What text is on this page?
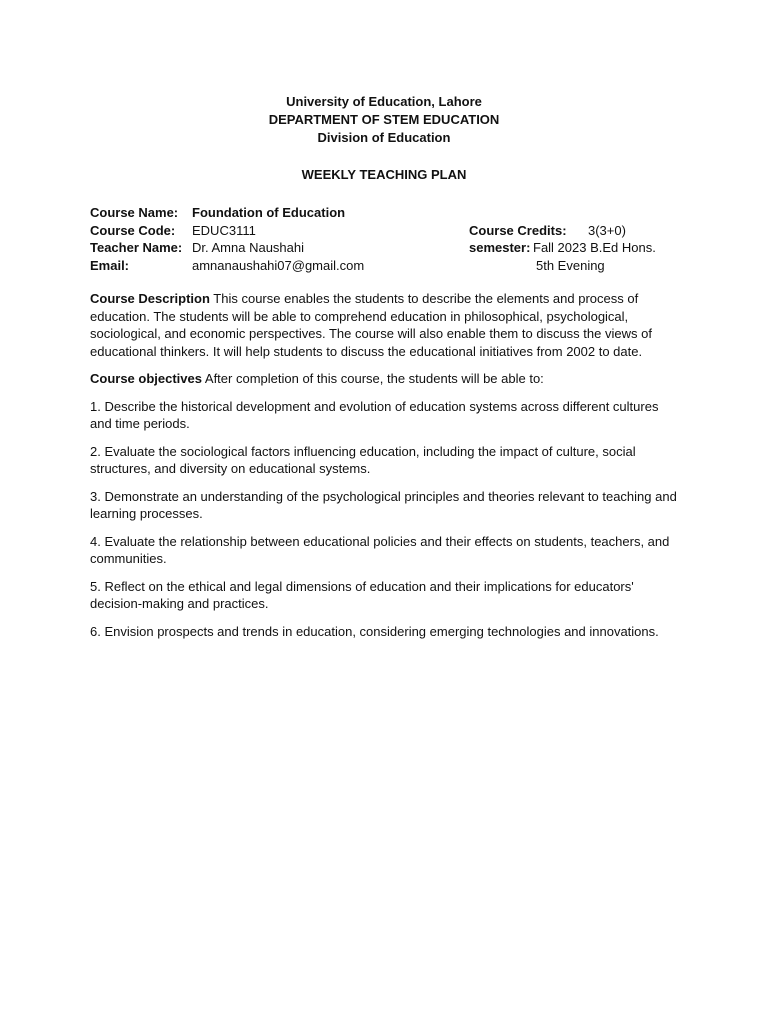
University of Education, Lahore
DEPARTMENT OF STEM EDUCATION
Division of Education
WEEKLY TEACHING PLAN
Course Name: Foundation of Education
Course Code: EDUC3111	Course Credits: 3(3+0)
Teacher Name: Dr. Amna Naushahi	semester: Fall 2023 B.Ed Hons.
Email:	amnanaushahi07@gmail.com	5th Evening

Course Description This course enables the students to describe the elements and process of education. The students will be able to comprehend education in philosophical, psychological, sociological, and economic perspectives. The course will also enable them to discuss the views of educational thinkers. It will help students to discuss the educational initiatives from 2002 to date.

Course objectives After completion of this course, the students will be able to:

1. Describe the historical development and evolution of education systems across different cultures and time periods.

2. Evaluate the sociological factors influencing education, including the impact of culture, social structures, and diversity on educational systems.

3. Demonstrate an understanding of the psychological principles and theories relevant to teaching and learning processes.

4. Evaluate the relationship between educational policies and their effects on students, teachers, and communities.

5. Reflect on the ethical and legal dimensions of education and their implications for educators' decision-making and practices.

6. Envision prospects and trends in education, considering emerging technologies and innovations.
